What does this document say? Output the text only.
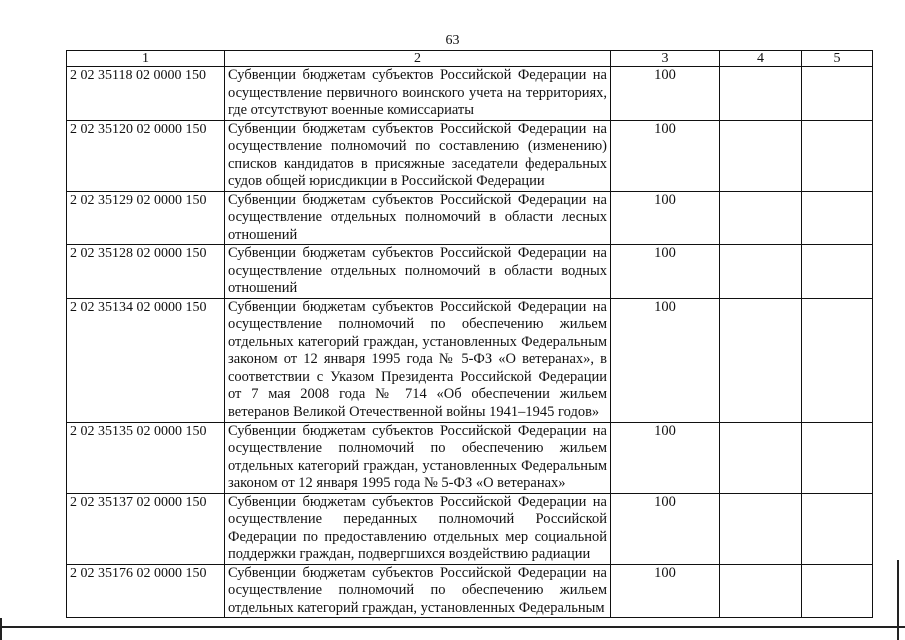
63
1	2	3	4	5
2 02 35118 02 0000 150	Субвенции бюджетам субъектов Российской Федерации на осуществление первичного воинского учета на территориях, где отсутствуют военные комиссариаты	100		
2 02 35120 02 0000 150	Субвенции бюджетам субъектов Российской Федерации на осуществление полномочий по составлению (изменению) списков кандидатов в присяжные заседатели федеральных судов общей юрисдикции в Российской Федерации	100		
2 02 35129 02 0000 150	Субвенции бюджетам субъектов Российской Федерации на осуществление отдельных полномочий в области лесных отношений	100		
2 02 35128 02 0000 150	Субвенции бюджетам субъектов Российской Федерации на осуществление отдельных полномочий в области водных отношений	100		
2 02 35134 02 0000 150	Субвенции бюджетам субъектов Российской Федерации на осуществление полномочий по обеспечению жильем отдельных категорий граждан, установленных Федеральным законом от 12 января 1995 года № 5-ФЗ «О ветеранах», в соответствии с Указом Президента Российской Федерации от 7 мая 2008 года № 714 «Об обеспечении жильем ветеранов Великой Отечественной войны 1941–1945 годов»	100		
2 02 35135 02 0000 150	Субвенции бюджетам субъектов Российской Федерации на осуществление полномочий по обеспечению жильем отдельных категорий граждан, установленных Федеральным законом от 12 января 1995 года № 5-ФЗ «О ветеранах»	100		
2 02 35137 02 0000 150	Субвенции бюджетам субъектов Российской Федерации на осуществление переданных полномочий Российской Федерации по предоставлению отдельных мер социальной поддержки граждан, подвергшихся воздействию радиации	100		
2 02 35176 02 0000 150	Субвенции бюджетам субъектов Российской Федерации на осуществление полномочий по обеспечению жильем отдельных категорий граждан, установленных Федеральным	100		
